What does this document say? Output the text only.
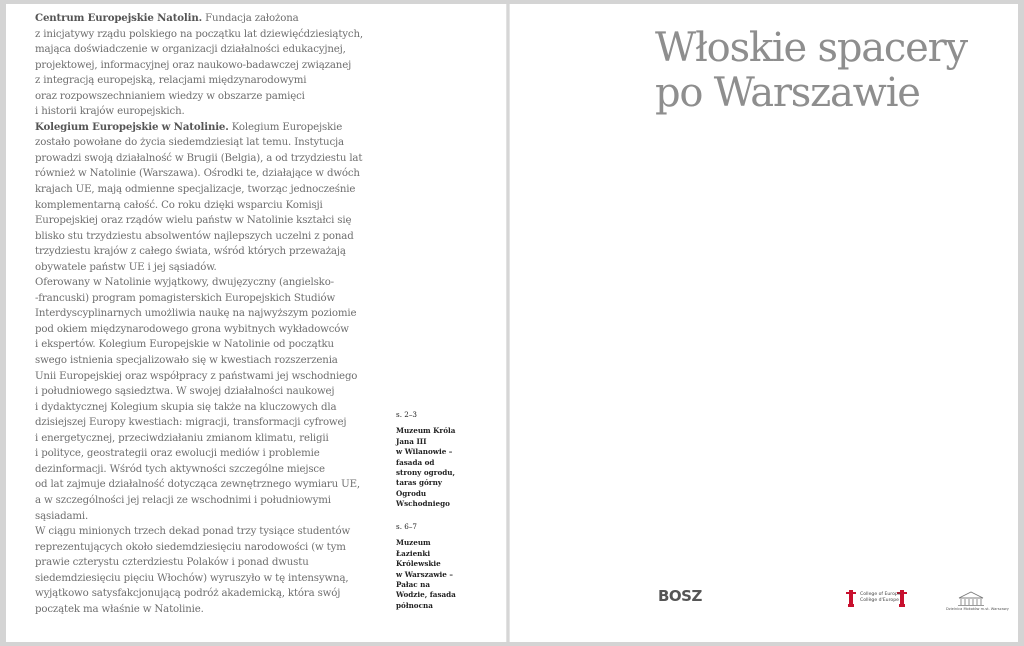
Centrum Europejskie Natolin. Fundacja założona
z inicjatywy rządu polskiego na początku lat dziewięćdziesiątych,
mająca doświadczenie w organizacji działalności edukacyjnej,
projektowej, informacyjnej oraz naukowo-badawczej związanej
z integracją europejską, relacjami międzynarodowymi
oraz rozpowszechnianiem wiedzy w obszarze pamięci
i historii krajów europejskich.
Kolegium Europejskie w Natolinie. Kolegium Europejskie
zostało powołane do życia siedemdziesiąt lat temu. Instytucja
prowadzi swoją działalność w Brugii (Belgia), a od trzydziestu lat
również w Natolinie (Warszawa). Ośrodki te, działające w dwóch
krajach UE, mają odmienne specjalizacje, tworząc jednocześnie
komplementarną całość. Co roku dzięki wsparciu Komisji
Europejskiej oraz rządów wielu państw w Natolinie kształci się
blisko stu trzydziestu absolwentów najlepszych uczelni z ponad
trzydziestu krajów z całego świata, wśród których przeważają
obywatele państw UE i jej sąsiadów.
Oferowany w Natolinie wyjątkowy, dwujęzyczny (angielsko-
-francuski) program pomagisterskich Europejskich Studiów
Interdyscyplinarnych umożliwia naukę na najwyższym poziomie
pod okiem międzynarodowego grona wybitnych wykładowców
i ekspertów. Kolegium Europejskie w Natolinie od początku
swego istnienia specjalizowało się w kwestiach rozszerzenia
Unii Europejskiej oraz współpracy z państwami jej wschodniego
i południowego sąsiedztwa. W swojej działalności naukowej
i dydaktycznej Kolegium skupia się także na kluczowych dla
dzisiejszej Europy kwestiach: migracji, transformacji cyfrowej
i energetycznej, przeciwdziałaniu zmianom klimatu, religii
i polityce, geostrategii oraz ewolucji mediów i problemie
dezinformacji. Wśród tych aktywności szczególne miejsce
od lat zajmuje działalność dotycząca zewnętrznego wymiaru UE,
a w szczególności jej relacji ze wschodnimi i południowymi
sąsiadami.
W ciągu minionych trzech dekad ponad trzy tysiące studentów
reprezentujących około siedemdziesięciu narodowości (w tym
prawie czterystu czterdziestu Polaków i ponad dwustu
siedemdziesięciu pięciu Włochów) wyruszyło w tę intensywną,
wyjątkowo satysfakcjonującą podróż akademicką, która swój
początek ma właśnie w Natolinie.
s. 2–3
Muzeum Króla
Jana III
w Wilanowie –
fasada od
strony ogrodu,
taras górny
Ogrodu
Wschodniego
s. 6–7
Muzeum
Łazienki
Królewskie
w Warszawie –
Pałac na
Wodzie, fasada
północna
Włoskie spacery
po Warszawie
BOSZ	College of Europe
Collège d'Europe
Dzielnica Mokotów m.st. Warszawy
